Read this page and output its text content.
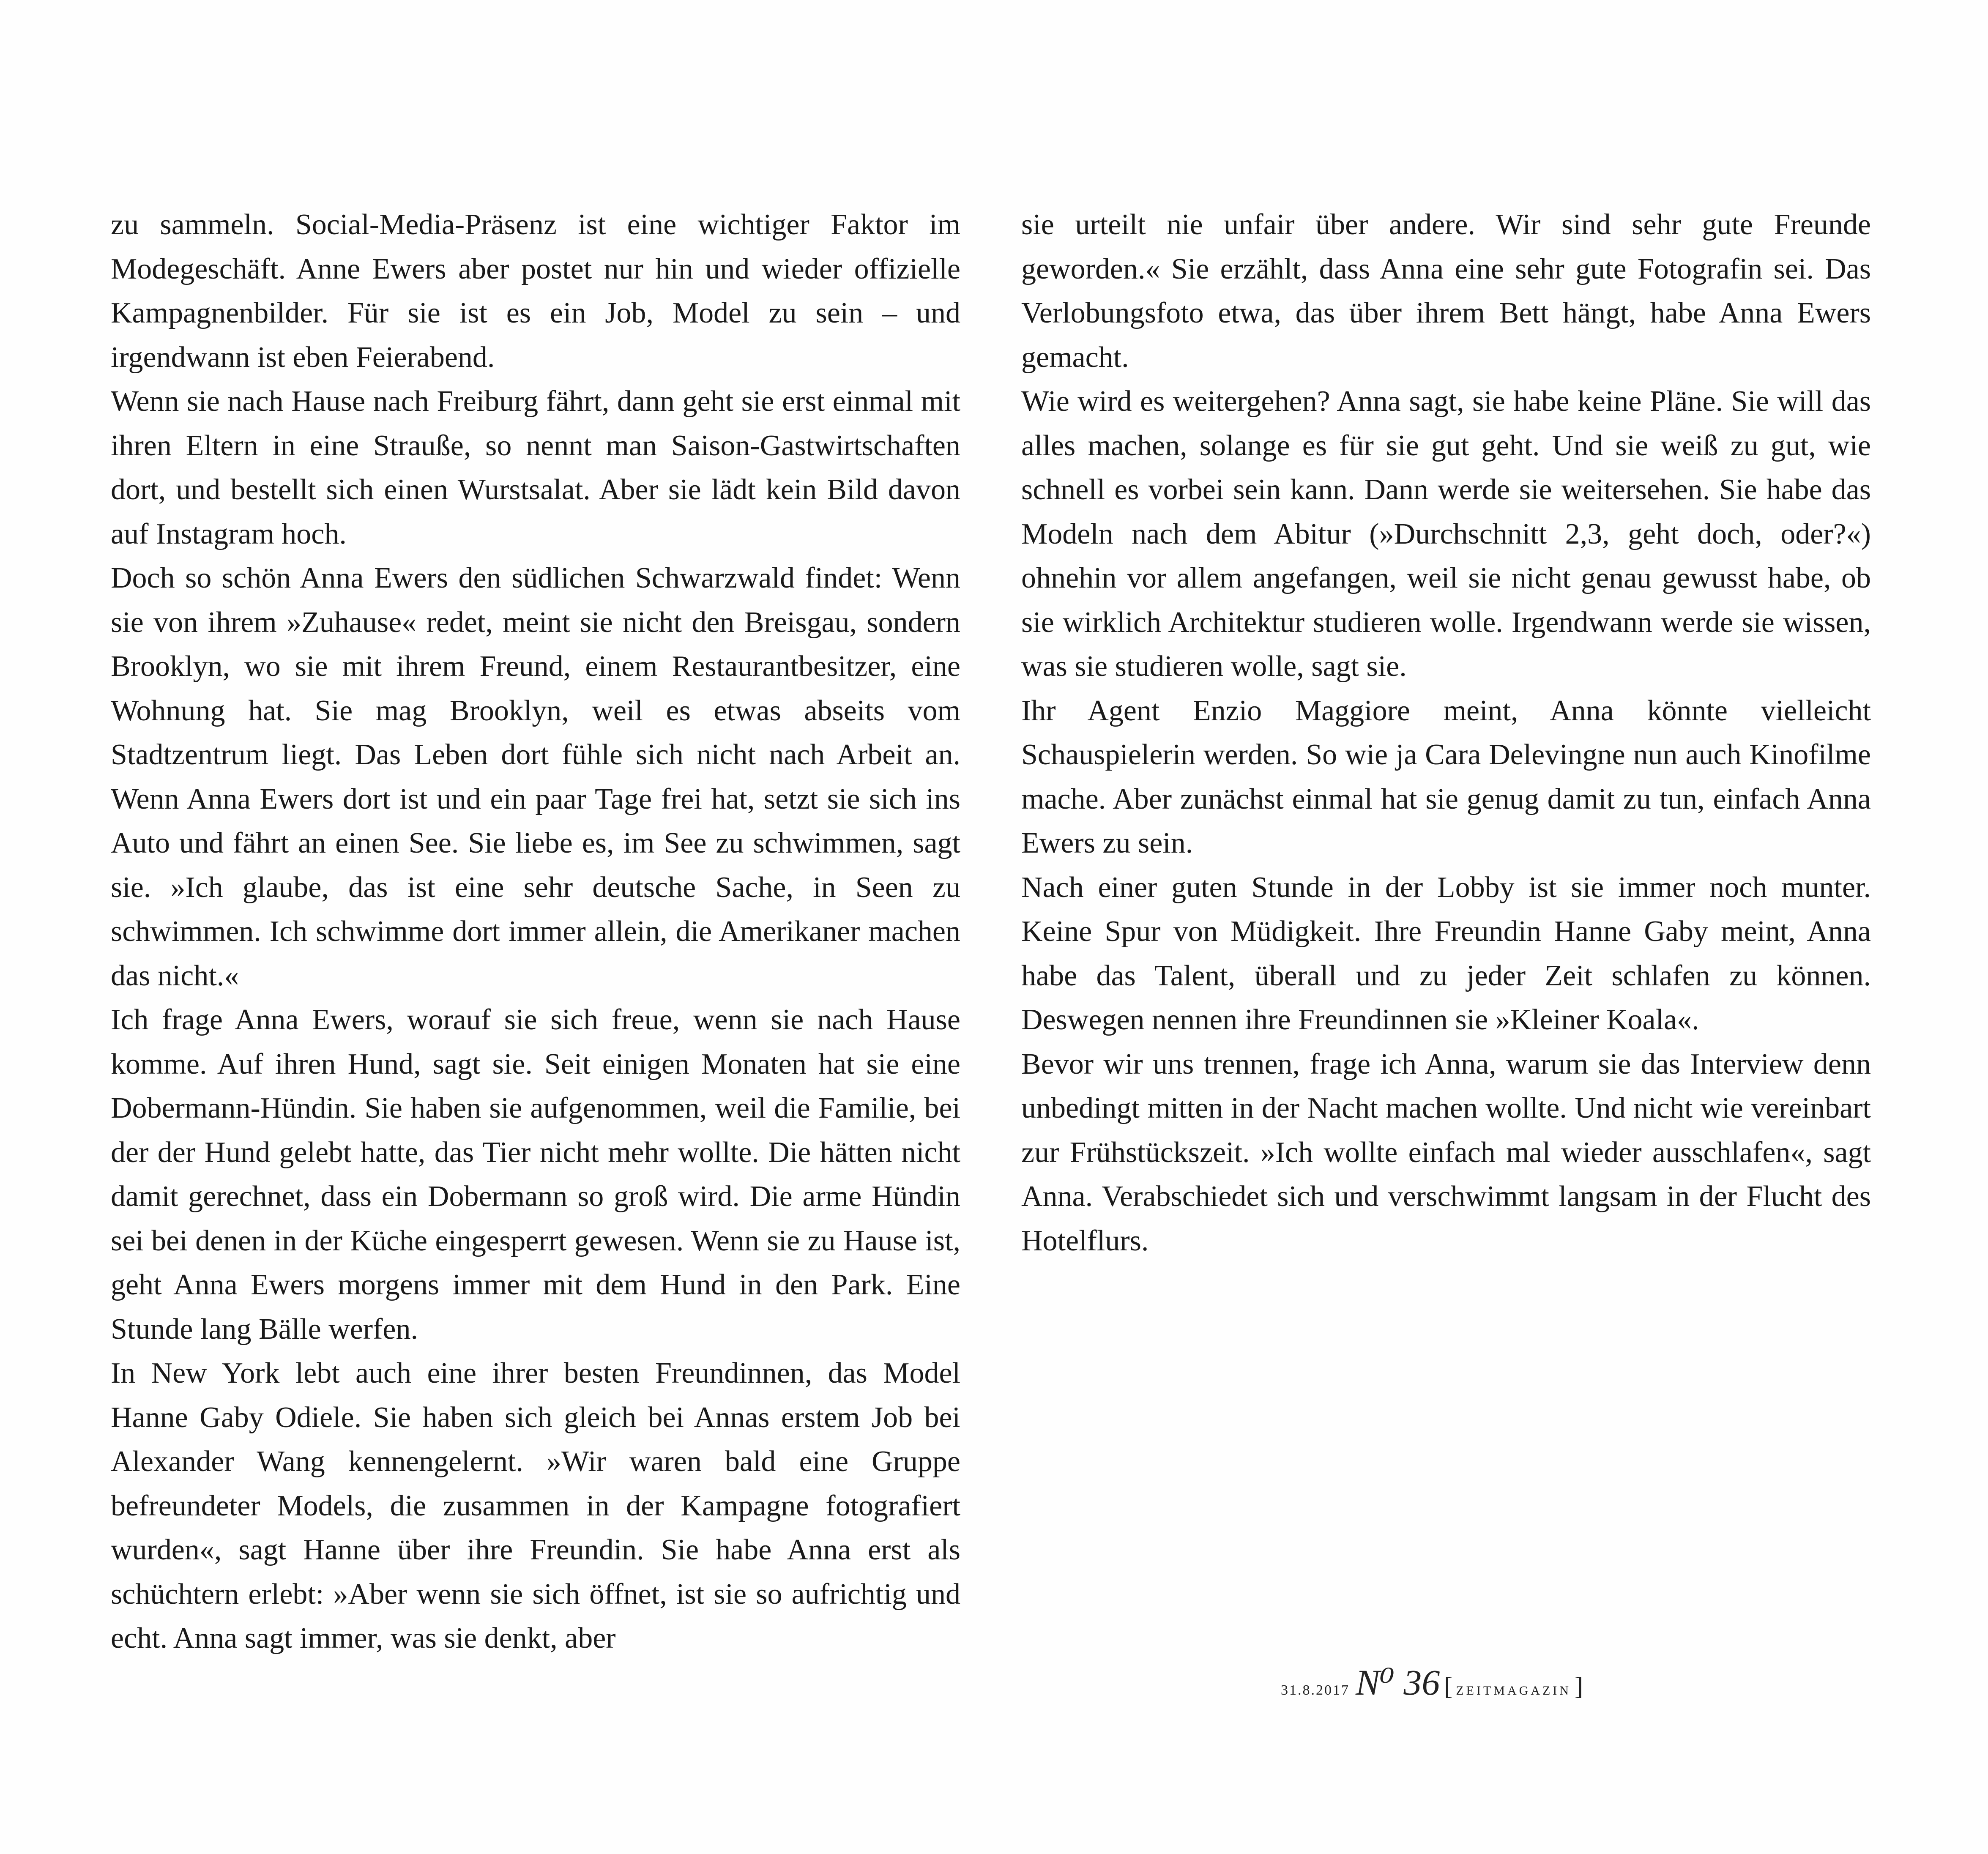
zu sammeln. Social-Media-Präsenz ist eine wichtiger Faktor im Modegeschäft. Anne Ewers aber postet nur hin und wieder offizielle Kampagnenbilder. Für sie ist es ein Job, Model zu sein – und irgendwann ist eben Feierabend.

Wenn sie nach Hause nach Freiburg fährt, dann geht sie erst einmal mit ihren Eltern in eine Strauße, so nennt man Saison-Gastwirtschaften dort, und bestellt sich einen Wurstsalat. Aber sie lädt kein Bild davon auf Instagram hoch.

Doch so schön Anna Ewers den südlichen Schwarzwald findet: Wenn sie von ihrem »Zuhause« redet, meint sie nicht den Breisgau, sondern Brooklyn, wo sie mit ihrem Freund, einem Restaurantbesitzer, eine Wohnung hat. Sie mag Brooklyn, weil es etwas abseits vom Stadtzentrum liegt. Das Leben dort fühle sich nicht nach Arbeit an. Wenn Anna Ewers dort ist und ein paar Tage frei hat, setzt sie sich ins Auto und fährt an einen See. Sie liebe es, im See zu schwimmen, sagt sie. »Ich glaube, das ist eine sehr deutsche Sache, in Seen zu schwimmen. Ich schwimme dort immer allein, die Amerikaner machen das nicht.«

Ich frage Anna Ewers, worauf sie sich freue, wenn sie nach Hause komme. Auf ihren Hund, sagt sie. Seit einigen Monaten hat sie eine Dobermann-Hündin. Sie haben sie aufgenommen, weil die Familie, bei der der Hund gelebt hatte, das Tier nicht mehr wollte. Die hätten nicht damit gerechnet, dass ein Dobermann so groß wird. Die arme Hündin sei bei denen in der Küche eingesperrt gewesen. Wenn sie zu Hause ist, geht Anna Ewers morgens immer mit dem Hund in den Park. Eine Stunde lang Bälle werfen.

In New York lebt auch eine ihrer besten Freundinnen, das Model Hanne Gaby Odiele. Sie haben sich gleich bei Annas erstem Job bei Alexander Wang kennengelernt. »Wir waren bald eine Gruppe befreundeter Models, die zusammen in der Kampagne fotografiert wurden«, sagt Hanne über ihre Freundin. Sie habe Anna erst als schüchtern erlebt: »Aber wenn sie sich öffnet, ist sie so aufrichtig und echt. Anna sagt immer, was sie denkt, aber

sie urteilt nie unfair über andere. Wir sind sehr gute Freunde geworden.« Sie erzählt, dass Anna eine sehr gute Fotografin sei. Das Verlobungsfoto etwa, das über ihrem Bett hängt, habe Anna Ewers gemacht.

Wie wird es weitergehen? Anna sagt, sie habe keine Pläne. Sie will das alles machen, solange es für sie gut geht. Und sie weiß zu gut, wie schnell es vorbei sein kann. Dann werde sie weitersehen. Sie habe das Modeln nach dem Abitur (»Durchschnitt 2,3, geht doch, oder?«) ohnehin vor allem angefangen, weil sie nicht genau gewusst habe, ob sie wirklich Architektur studieren wolle. Irgendwann werde sie wissen, was sie studieren wolle, sagt sie.

Ihr Agent Enzio Maggiore meint, Anna könnte vielleicht Schauspielerin werden. So wie ja Cara Delevingne nun auch Kinofilme mache. Aber zunächst einmal hat sie genug damit zu tun, einfach Anna Ewers zu sein.

Nach einer guten Stunde in der Lobby ist sie immer noch munter. Keine Spur von Müdigkeit. Ihre Freundin Hanne Gaby meint, Anna habe das Talent, überall und zu jeder Zeit schlafen zu können. Deswegen nennen ihre Freundinnen sie »Kleiner Koala«.

Bevor wir uns trennen, frage ich Anna, warum sie das Interview denn unbedingt mitten in der Nacht machen wollte. Und nicht wie vereinbart zur Frühstückszeit. »Ich wollte einfach mal wieder ausschlafen«, sagt Anna. Verabschiedet sich und verschwimmt langsam in der Flucht des Hotelflurs.

31.8.2017 N⁰ 36 [ ZEITMAGAZIN ]
